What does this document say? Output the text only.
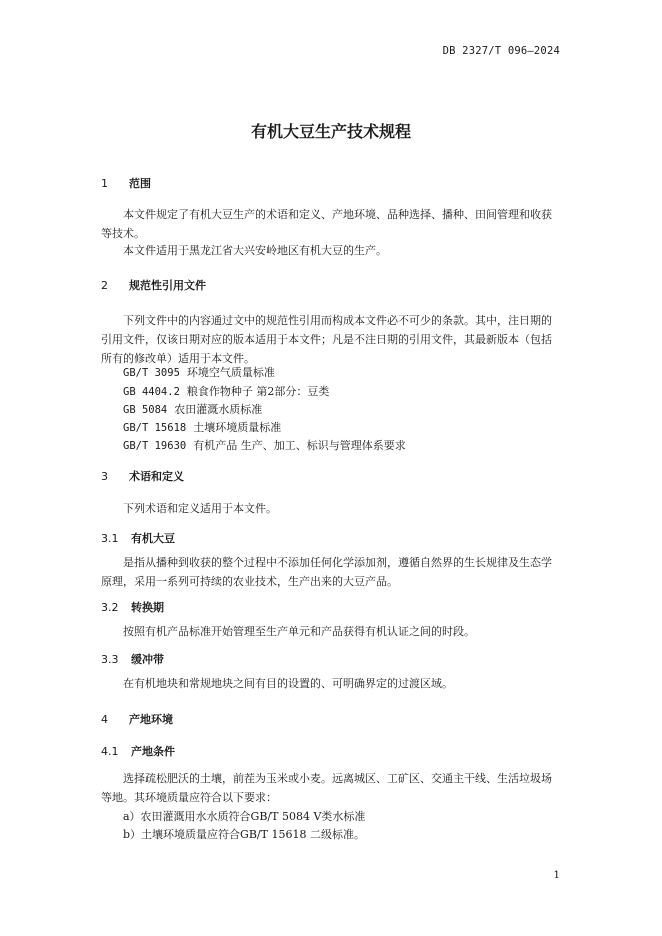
DB 2327/T 096—2024
有机大豆生产技术规程
1 范围

本文件规定了有机大豆生产的术语和定义、产地环境、品种选择、播种、田间管理和收获等技术。

本文件适用于黑龙江省大兴安岭地区有机大豆的生产。

2 规范性引用文件

下列文件中的内容通过文中的规范性引用而构成本文件必不可少的条款。其中，注日期的引用文件，仅该日期对应的版本适用于本文件；凡是不注日期的引用文件，其最新版本（包括所有的修改单）适用于本文件。

GB/T 3095 环境空气质量标准
GB 4404.2 粮食作物种子 第2部分：豆类
GB 5084 农田灌溉水质标准
GB/T 15618 土壤环境质量标准
GB/T 19630 有机产品 生产、加工、标识与管理体系要求
3 术语和定义

下列术语和定义适用于本文件。

3.1 有机大豆

是指从播种到收获的整个过程中不添加任何化学添加剂，遵循自然界的生长规律及生态学原理，采用一系列可持续的农业技术，生产出来的大豆产品。

3.2 转换期

按照有机产品标准开始管理至生产单元和产品获得有机认证之间的时段。

3.3 缓冲带

在有机地块和常规地块之间有目的设置的、可明确界定的过渡区域。

4 产地环境
4.1 产地条件

选择疏松肥沃的土壤，前茬为玉米或小麦。远离城区、工矿区、交通主干线、生活垃圾场等地。其环境质量应符合以下要求：

a）农田灌溉用水水质符合GB/T 5084 V类水标准
b）土壤环境质量应符合GB/T 15618 二级标准。
1
